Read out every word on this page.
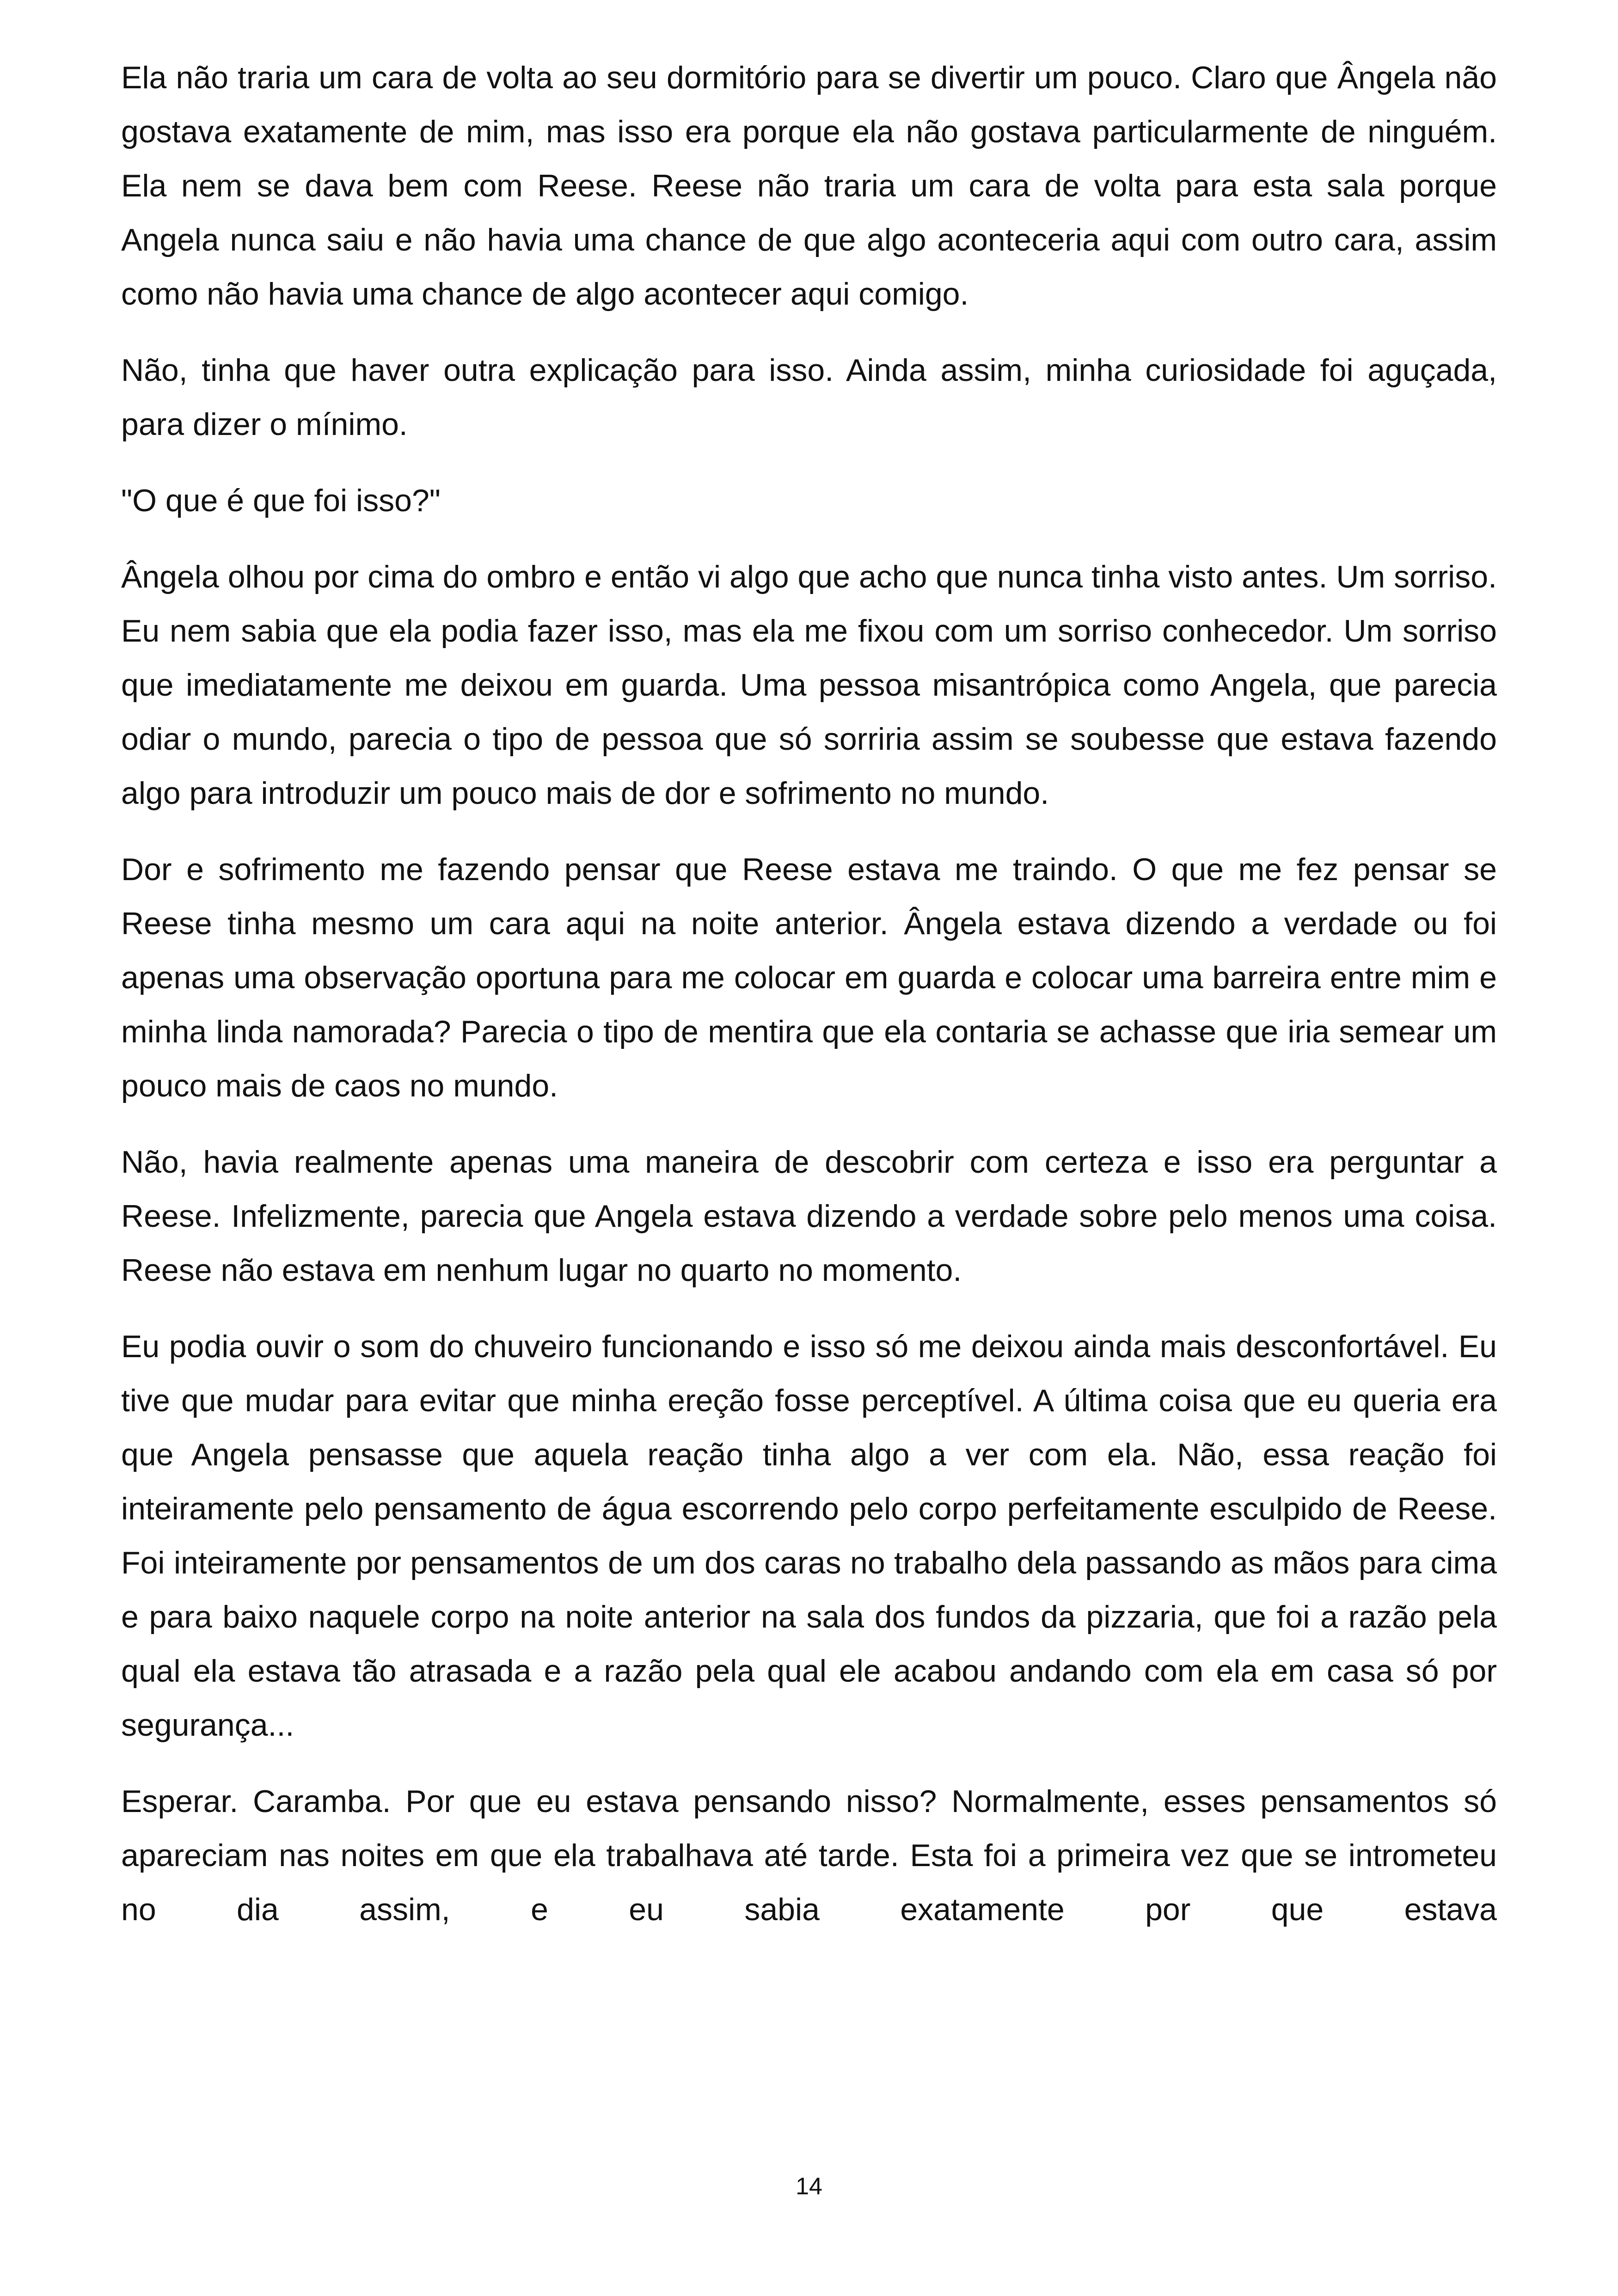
Ela não traria um cara de volta ao seu dormitório para se divertir um pouco. Claro que Ângela não gostava exatamente de mim, mas isso era porque ela não gostava particularmente de ninguém. Ela nem se dava bem com Reese. Reese não traria um cara de volta para esta sala porque Angela nunca saiu e não havia uma chance de que algo aconteceria aqui com outro cara, assim como não havia uma chance de algo acontecer aqui comigo.

Não, tinha que haver outra explicação para isso. Ainda assim, minha curiosidade foi aguçada, para dizer o mínimo.

"O que é que foi isso?"

Ângela olhou por cima do ombro e então vi algo que acho que nunca tinha visto antes. Um sorriso. Eu nem sabia que ela podia fazer isso, mas ela me fixou com um sorriso conhecedor. Um sorriso que imediatamente me deixou em guarda. Uma pessoa misantrópica como Angela, que parecia odiar o mundo, parecia o tipo de pessoa que só sorriria assim se soubesse que estava fazendo algo para introduzir um pouco mais de dor e sofrimento no mundo.

Dor e sofrimento me fazendo pensar que Reese estava me traindo. O que me fez pensar se Reese tinha mesmo um cara aqui na noite anterior. Ângela estava dizendo a verdade ou foi apenas uma observação oportuna para me colocar em guarda e colocar uma barreira entre mim e minha linda namorada? Parecia o tipo de mentira que ela contaria se achasse que iria semear um pouco mais de caos no mundo.

Não, havia realmente apenas uma maneira de descobrir com certeza e isso era perguntar a Reese. Infelizmente, parecia que Angela estava dizendo a verdade sobre pelo menos uma coisa. Reese não estava em nenhum lugar no quarto no momento.

Eu podia ouvir o som do chuveiro funcionando e isso só me deixou ainda mais desconfortável. Eu tive que mudar para evitar que minha ereção fosse perceptível. A última coisa que eu queria era que Angela pensasse que aquela reação tinha algo a ver com ela. Não, essa reação foi inteiramente pelo pensamento de água escorrendo pelo corpo perfeitamente esculpido de Reese. Foi inteiramente por pensamentos de um dos caras no trabalho dela passando as mãos para cima e para baixo naquele corpo na noite anterior na sala dos fundos da pizzaria, que foi a razão pela qual ela estava tão atrasada e a razão pela qual ele acabou andando com ela em casa só por segurança...

Esperar. Caramba. Por que eu estava pensando nisso? Normalmente, esses pensamentos só apareciam nas noites em que ela trabalhava até tarde. Esta foi a primeira vez que se intrometeu no dia assim, e eu sabia exatamente por que estava

14
